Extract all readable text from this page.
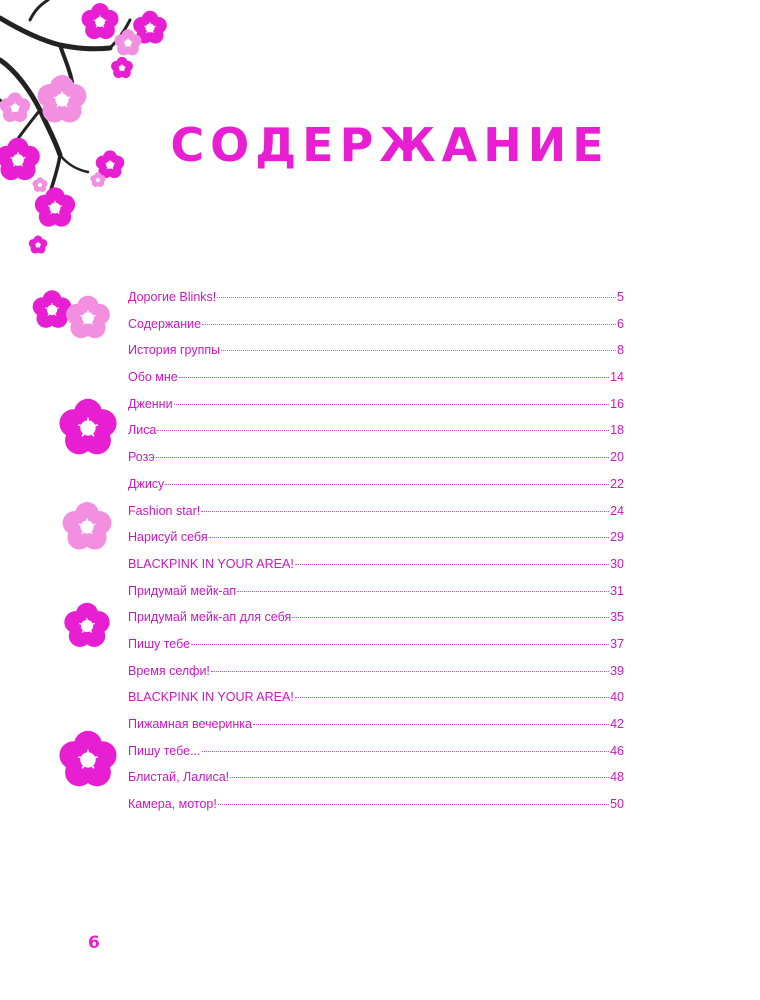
СОДЕРЖАНИЕ
Дорогие Blinks!	5
Содержание	6
История группы	8
Обо мне	14
Дженни	16
Лиса	18
Розэ	20
Джису	22
Fashion star!	24
Нарисуй себя	29
BLACKPINK IN YOUR AREA!	30
Придумай мейк-ап	31
Придумай мейк-ап для себя	35
Пишу тебе	37
Время селфи!	39
BLACKPINK IN YOUR AREA!	40
Пижамная вечеринка	42
Пишу тебе...	46
Блистай, Лалиса!	48
Камера, мотор!	50
6
